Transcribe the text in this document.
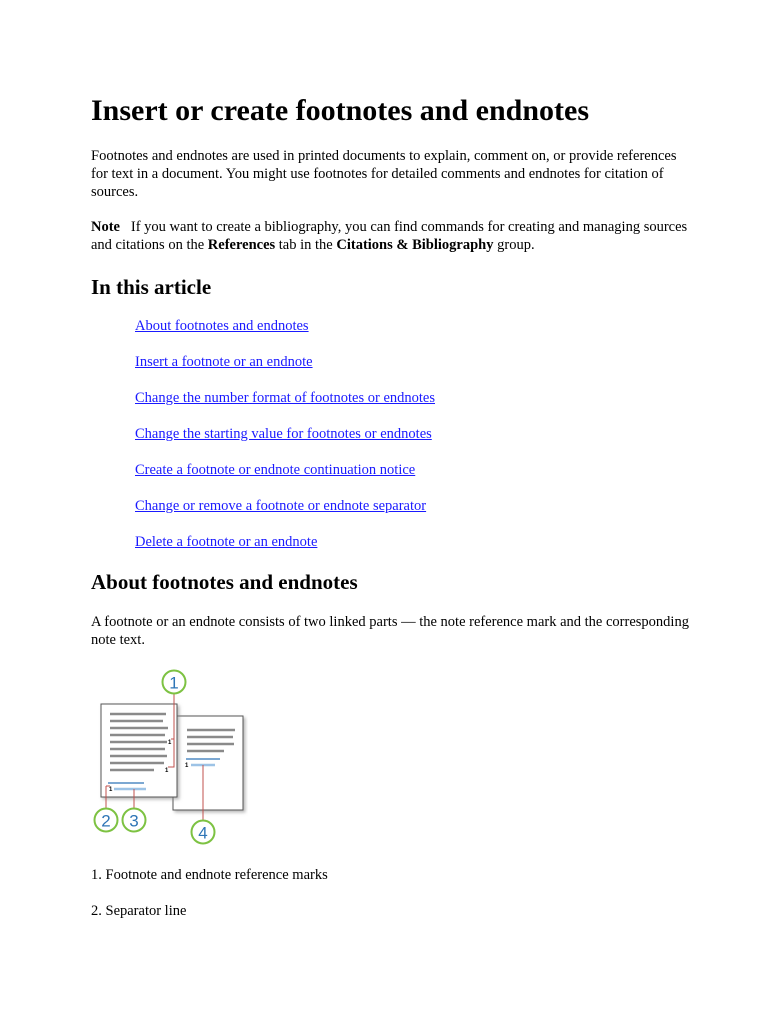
Insert or create footnotes and endnotes

Footnotes and endnotes are used in printed documents to explain, comment on, or provide references for text in a document. You might use footnotes for detailed comments and endnotes for citation of sources.

Note If you want to create a bibliography, you can find commands for creating and managing sources and citations on the References tab in the Citations & Bibliography group.

In this article
About footnotes and endnotes
Insert a footnote or an endnote
Change the number format of footnotes or endnotes
Change the starting value for footnotes or endnotes
Create a footnote or endnote continuation notice
Change or remove a footnote or endnote separator
Delete a footnote or an endnote
About footnotes and endnotes

A footnote or an endnote consists of two linked parts — the note reference mark and the corresponding note text.

1
1
1
1
1
2 3
4
1. Footnote and endnote reference marks
2. Separator line
